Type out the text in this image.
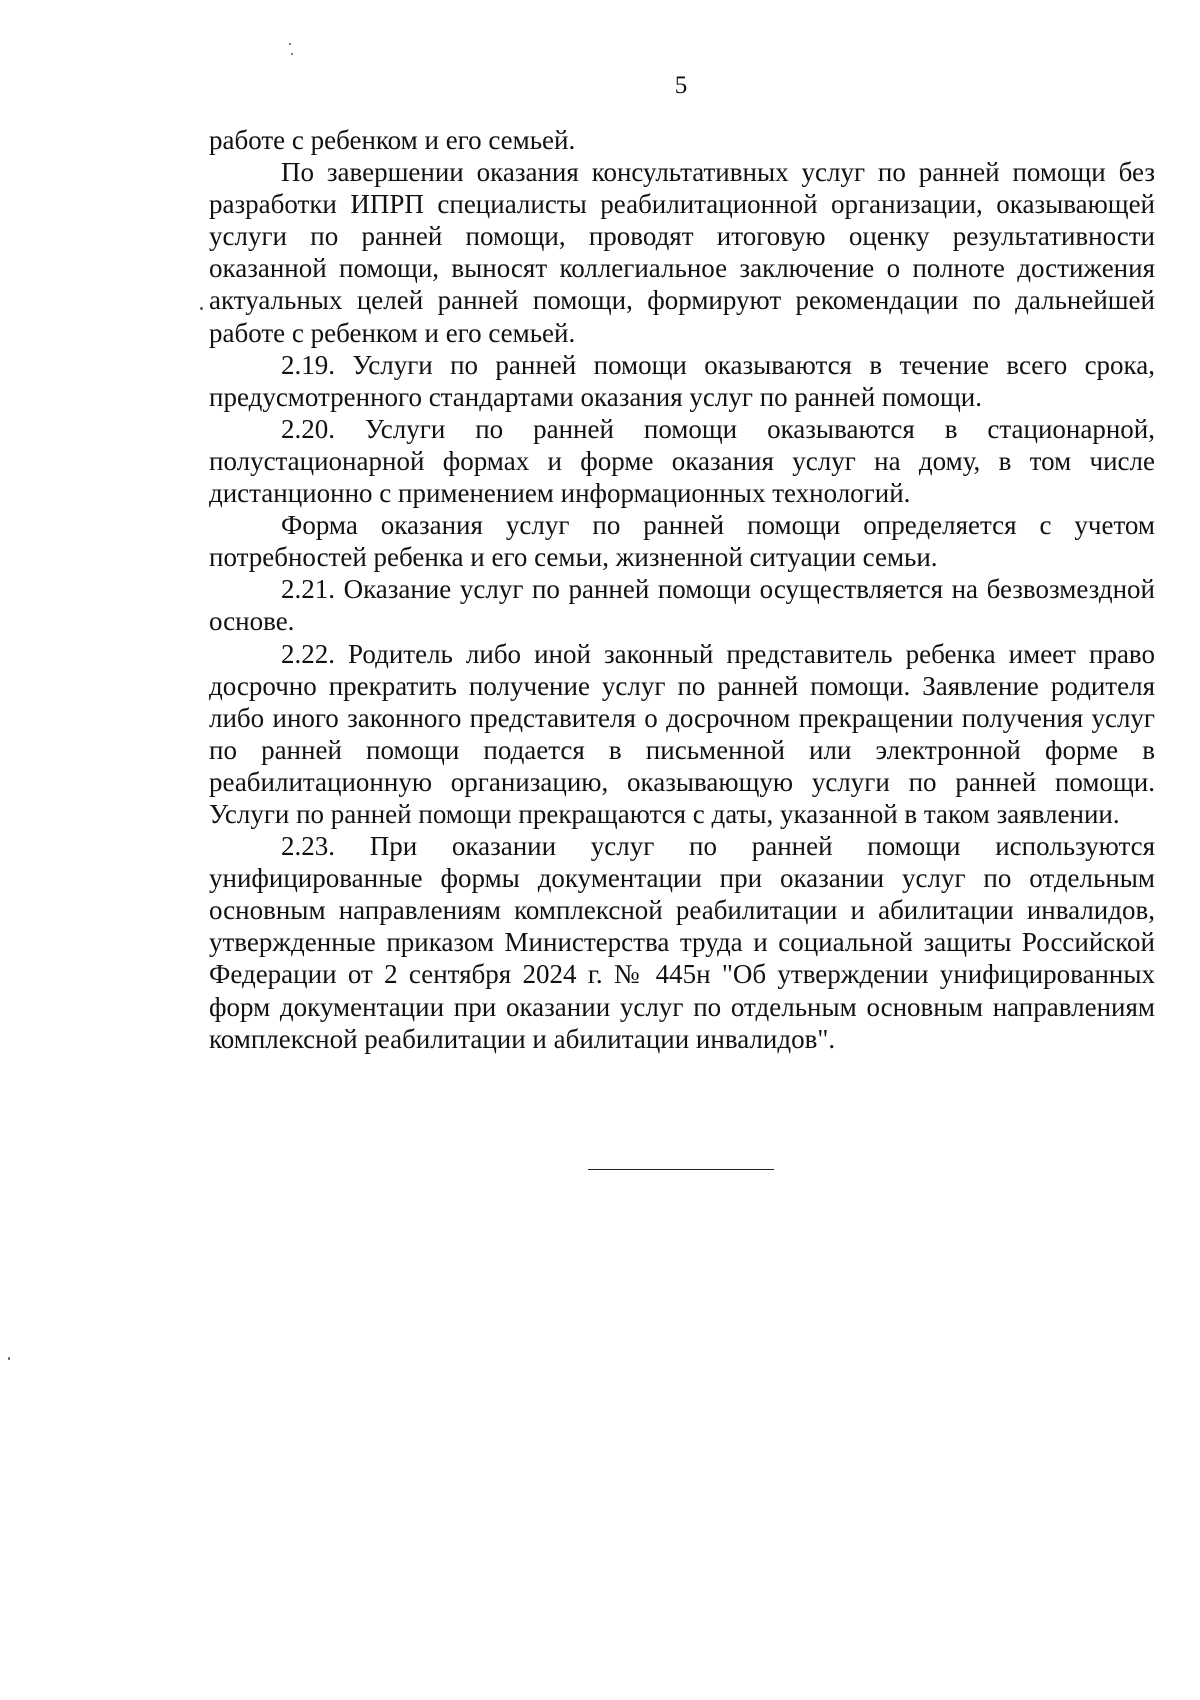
5

работе с ребенком и его семьей.

По завершении оказания консультативных услуг по ранней помощи без разработки ИПРП специалисты реабилитационной организации, оказывающей услуги по ранней помощи, проводят итоговую оценку результативности оказанной помощи, выносят коллегиальное заключение о полноте достижения актуальных целей ранней помощи, формируют рекомендации по дальнейшей работе с ребенком и его семьей.

2.19. Услуги по ранней помощи оказываются в течение всего срока, предусмотренного стандартами оказания услуг по ранней помощи.

2.20. Услуги по ранней помощи оказываются в стационарной, полустационарной формах и форме оказания услуг на дому, в том числе дистанционно с применением информационных технологий.

Форма оказания услуг по ранней помощи определяется с учетом потребностей ребенка и его семьи, жизненной ситуации семьи.

2.21. Оказание услуг по ранней помощи осуществляется на безвозмездной основе.

2.22. Родитель либо иной законный представитель ребенка имеет право досрочно прекратить получение услуг по ранней помощи. Заявление родителя либо иного законного представителя о досрочном прекращении получения услуг по ранней помощи подается в письменной или электронной форме в реабилитационную организацию, оказывающую услуги по ранней помощи. Услуги по ранней помощи прекращаются с даты, указанной в таком заявлении.

2.23. При оказании услуг по ранней помощи используются унифицированные формы документации при оказании услуг по отдельным основным направлениям комплексной реабилитации и абилитации инвалидов, утвержденные приказом Министерства труда и социальной защиты Российской Федерации от 2 сентября 2024 г. № 445н "Об утверждении унифицированных форм документации при оказании услуг по отдельным основным направлениям комплексной реабилитации и абилитации инвалидов".
